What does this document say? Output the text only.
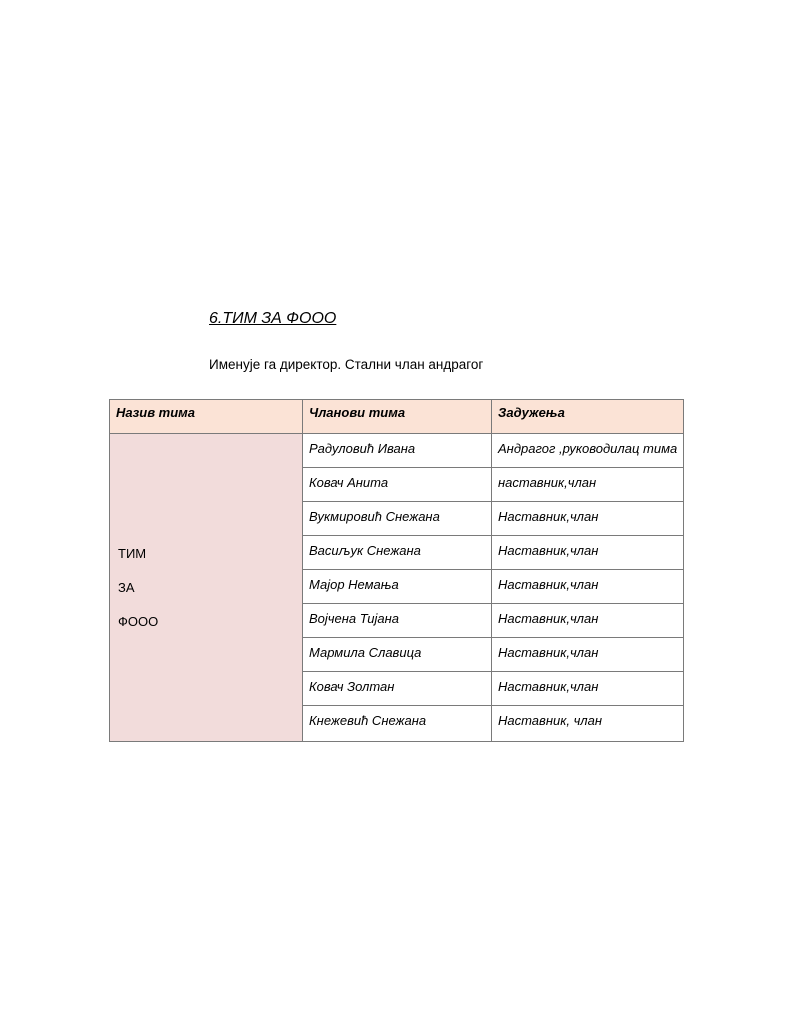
6.ТИМ ЗА ФООО

Именује га директор. Стални члан андрагог

Назив тима	Чланови тима	Задужења

ТИМ
ЗА
ФООО	Радуловић Ивана	Андрагог ,руководилац тима
	Ковач Анита	наставник,члан
	Вукмировић Снежана	Наставник,члан
	Васиљук Снежана	Наставник,члан
	Мајор Немања	Наставник,члан
	Војчена Тијана	Наставник,члан
	Мармила Славица	Наставник,члан
	Ковач Золтан	Наставник,члан
	Кнежевић Снежана	Наставник, члан
